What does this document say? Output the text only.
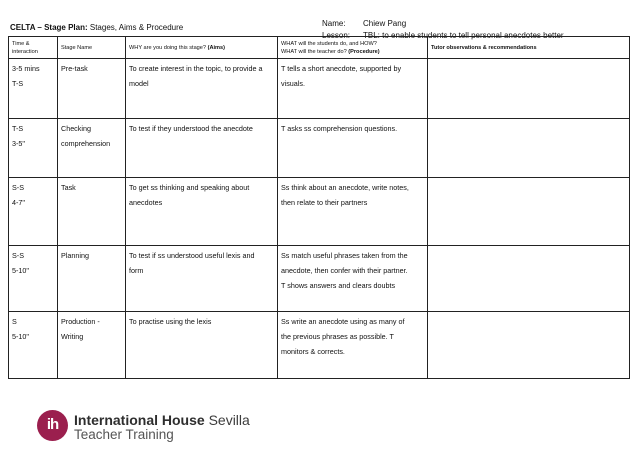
CELTA – Stage Plan: Stages, Aims & Procedure	Name: Chiew Pang
Lesson: TBL: to enable students to tell personal anecdotes better
Time &
interaction	Stage Name	WHY are you doing this stage? (Aims)	WHAT will the students do, and HOW?
WHAT will the teacher do? (Procedure)	Tutor observations & recommendations

3-5 mins
T-S	Pre-task	To create interest in the topic, to provide a
model	T tells a short anecdote, supported by
visuals.	

T-S
3-5"	Checking
comprehension	To test if they understood the anecdote	T asks ss comprehension questions.	

S-S
4-7"	Task	To get ss thinking and speaking about
anecdotes	Ss think about an anecdote, write notes,
then relate to their partners	

S-S
5-10"	Planning	To test if ss understood useful lexis and
form	Ss match useful phrases taken from the
anecdote, then confer with their partner.
T shows answers and clears doubts	

S
5-10"	Production -
Writing	To practise using the lexis	Ss write an anecdote using as many of
the previous phrases as possible. T
monitors & corrects.	

ih	International House Sevilla
Teacher Training
